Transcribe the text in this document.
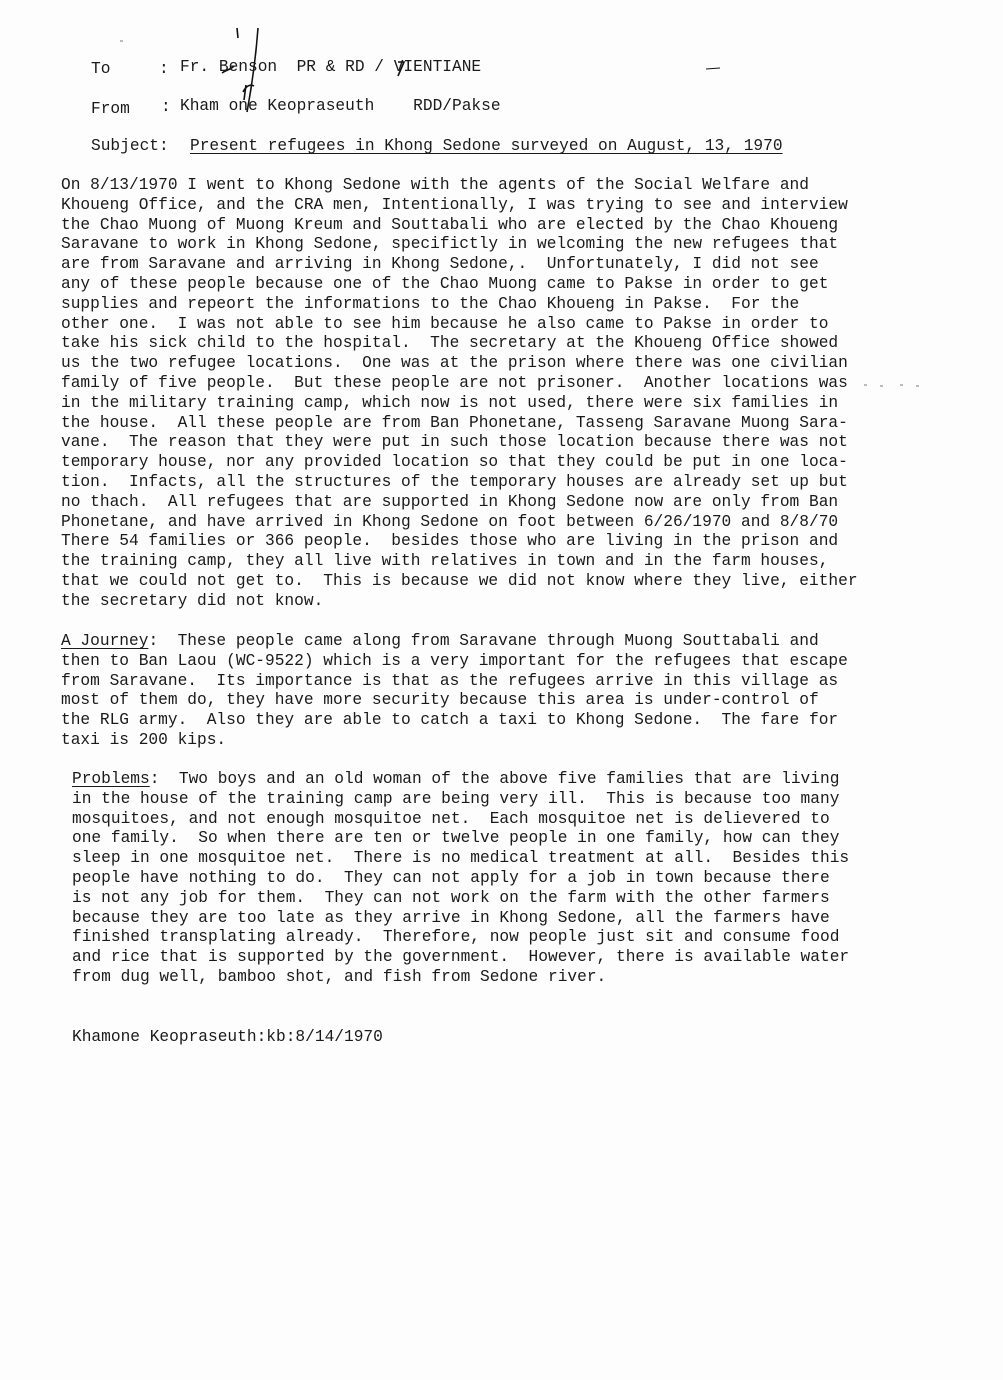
To	: Fr. Benson  PR & RD / VIENTIANE
From : Kham one Keopraseuth    RDD/Pakse
Subject: Present refugees in Khong Sedone surveyed on August, 13, 1970
On 8/13/1970 I went to Khong Sedone with the agents of the Social Welfare and
Khoueng Office, and the CRA men, Intentionally, I was trying to see and interview
the Chao Muong of Muong Kreum and Souttabali who are elected by the Chao Khoueng
Saravane to work in Khong Sedone, specifictly in welcoming the new refugees that
are from Saravane and arriving in Khong Sedone,.  Unfortunately, I did not see
any of these people because one of the Chao Muong came to Pakse in order to get
supplies and repeort the informations to the Chao Khoueng in Pakse.  For the
other one.  I was not able to see him because he also came to Pakse in order to
take his sick child to the hospital.  The secretary at the Khoueng Office showed
us the two refugee locations.  One was at the prison where there was one civilian
family of five people.  But these people are not prisoner.  Another locations was
in the military training camp, which now is not used, there were six families in
the house.  All these people are from Ban Phonetane, Tasseng Saravane Muong Sara-
vane.  The reason that they were put in such those location because there was not
temporary house, nor any provided location so that they could be put in one loca-
tion.  Infacts, all the structures of the temporary houses are already set up but
no thach.  All refugees that are supported in Khong Sedone now are only from Ban
Phonetane, and have arrived in Khong Sedone on foot between 6/26/1970 and 8/8/70
There 54 families or 366 people.  besides those who are living in the prison and
the training camp, they all live with relatives in town and in the farm houses,
that we could not get to.  This is because we did not know where they live, either
the secretary did not know.
A Journey:  These people came along from Saravane through Muong Souttabali and
then to Ban Laou (WC-9522) which is a very important for the refugees that escape
from Saravane.  Its importance is that as the refugees arrive in this village as
most of them do, they have more security because this area is under-control of
the RLG army.  Also they are able to catch a taxi to Khong Sedone.  The fare for
taxi is 200 kips.
Problems:  Two boys and an old woman of the above five families that are living
in the house of the training camp are being very ill.  This is because too many
mosquitoes, and not enough mosquitoe net.  Each mosquitoe net is delievered to
one family.  So when there are ten or twelve people in one family, how can they
sleep in one mosquitoe net.  There is no medical treatment at all.  Besides this
people have nothing to do.  They can not apply for a job in town because there
is not any job for them.  They can not work on the farm with the other farmers
because they are too late as they arrive in Khong Sedone, all the farmers have
finished transplating already.  Therefore, now people just sit and consume food
and rice that is supported by the government.  However, there is available water
from dug well, bamboo shot, and fish from Sedone river.
Khamone Keopraseuth:kb:8/14/1970
